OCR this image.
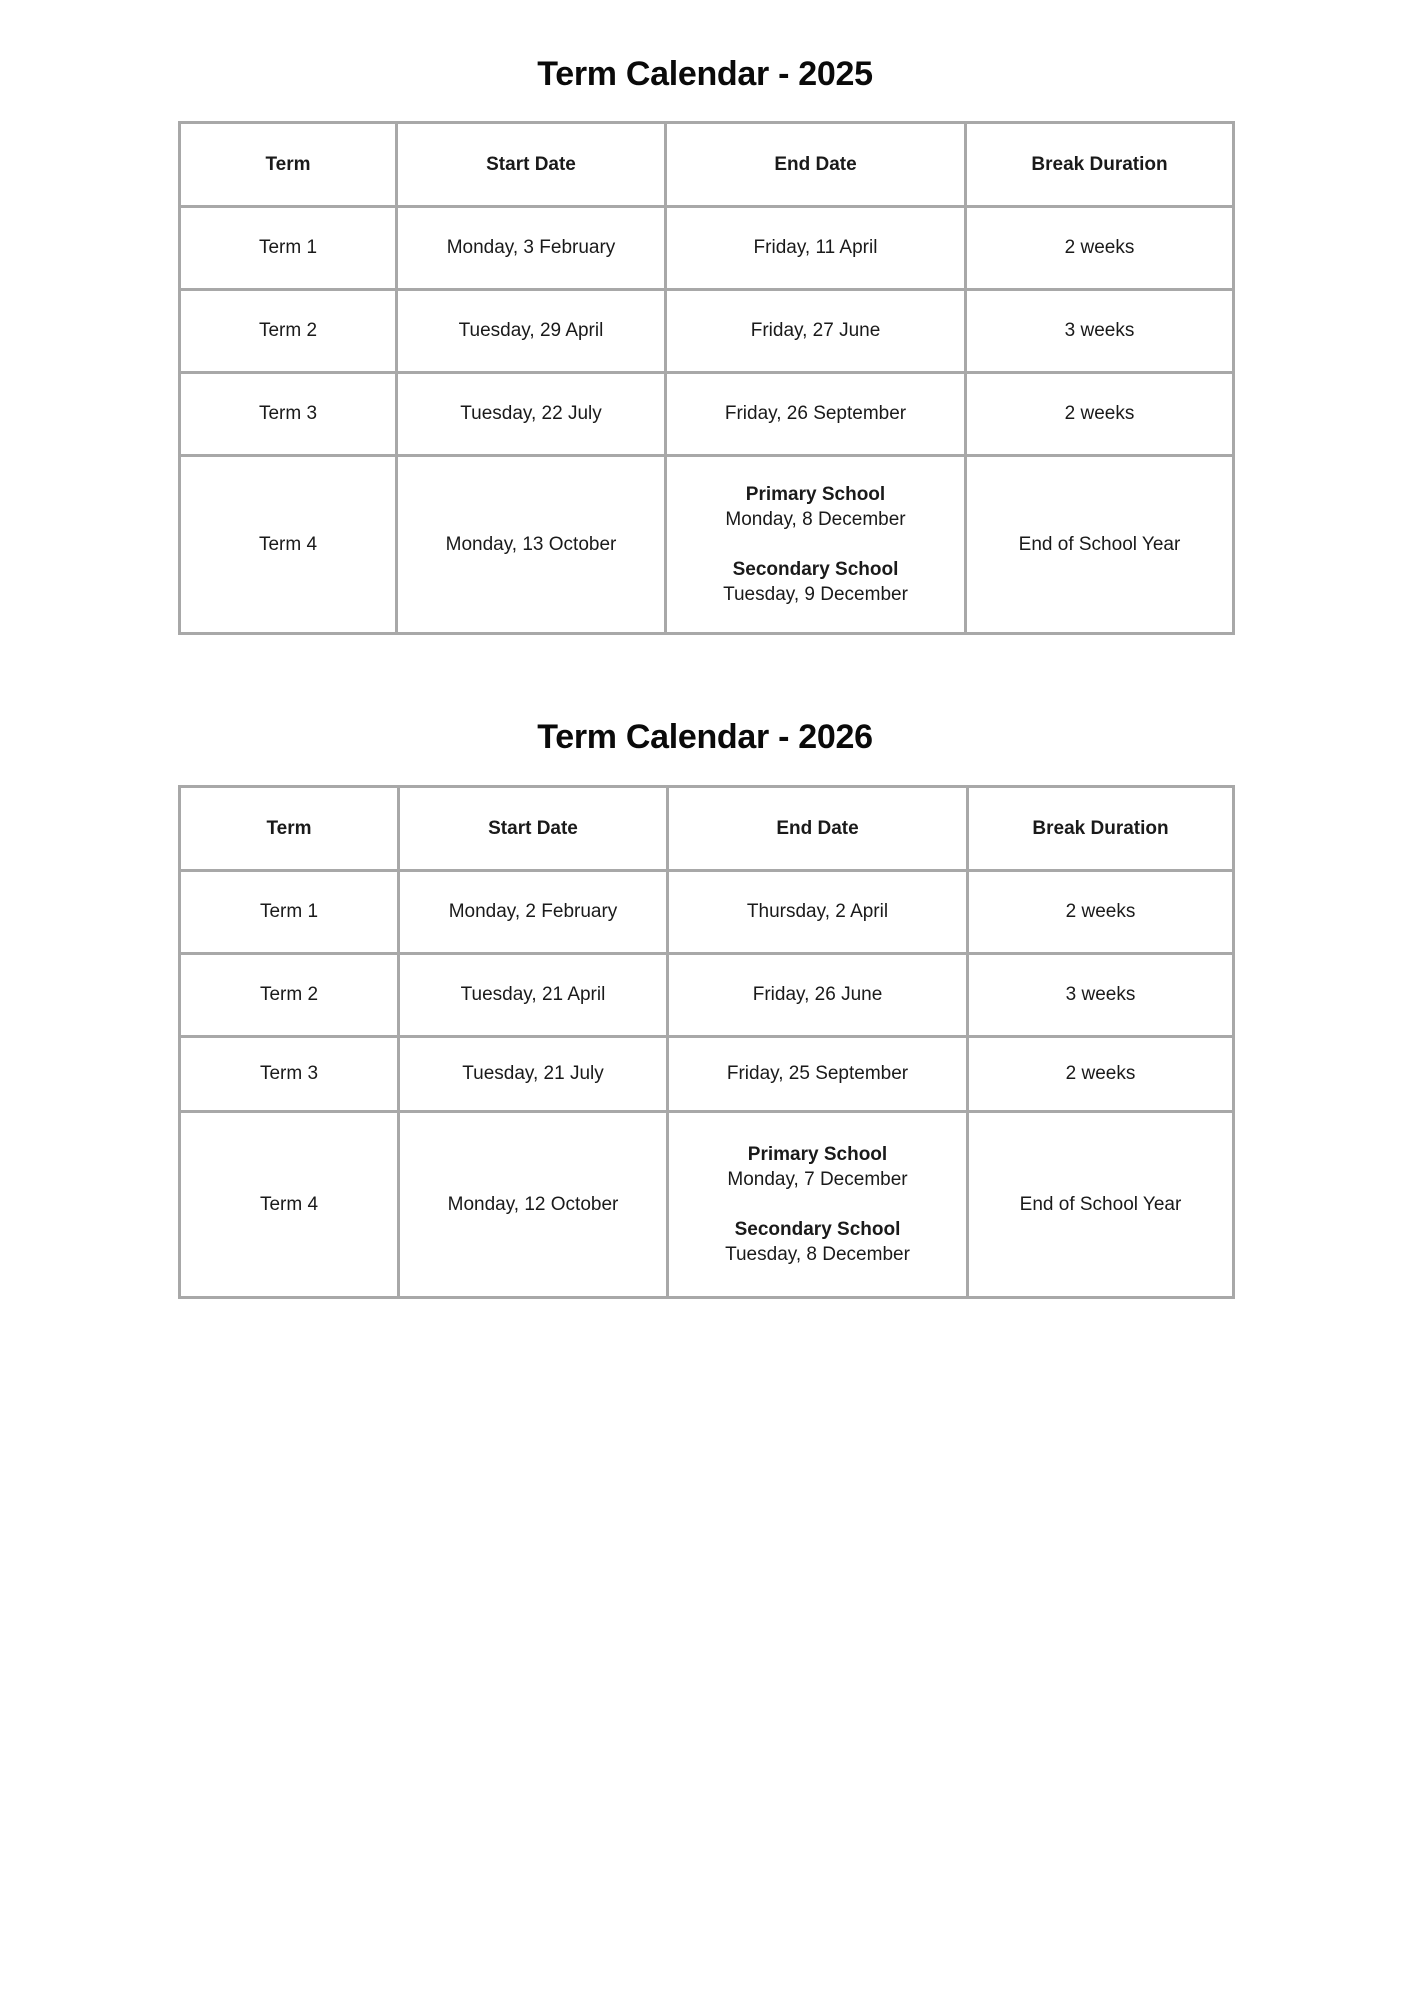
Term Calendar - 2025
Term	Start Date	End Date	Break Duration
Term 1	Monday, 3 February	Friday, 11 April	2 weeks
Term 2	Tuesday, 29 April	Friday, 27 June	3 weeks
Term 3	Tuesday, 22 July	Friday, 26 September	2 weeks
Term 4	Monday, 13 October	Primary School
Monday, 8 December
Secondary School
Tuesday, 9 December	End of School Year
Term Calendar - 2026
Term	Start Date	End Date	Break Duration
Term 1	Monday, 2 February	Thursday, 2 April	2 weeks
Term 2	Tuesday, 21 April	Friday, 26 June	3 weeks
Term 3	Tuesday, 21 July	Friday, 25 September	2 weeks
Term 4	Monday, 12 October	Primary School
Monday, 7 December
Secondary School
Tuesday, 8 December	End of School Year
